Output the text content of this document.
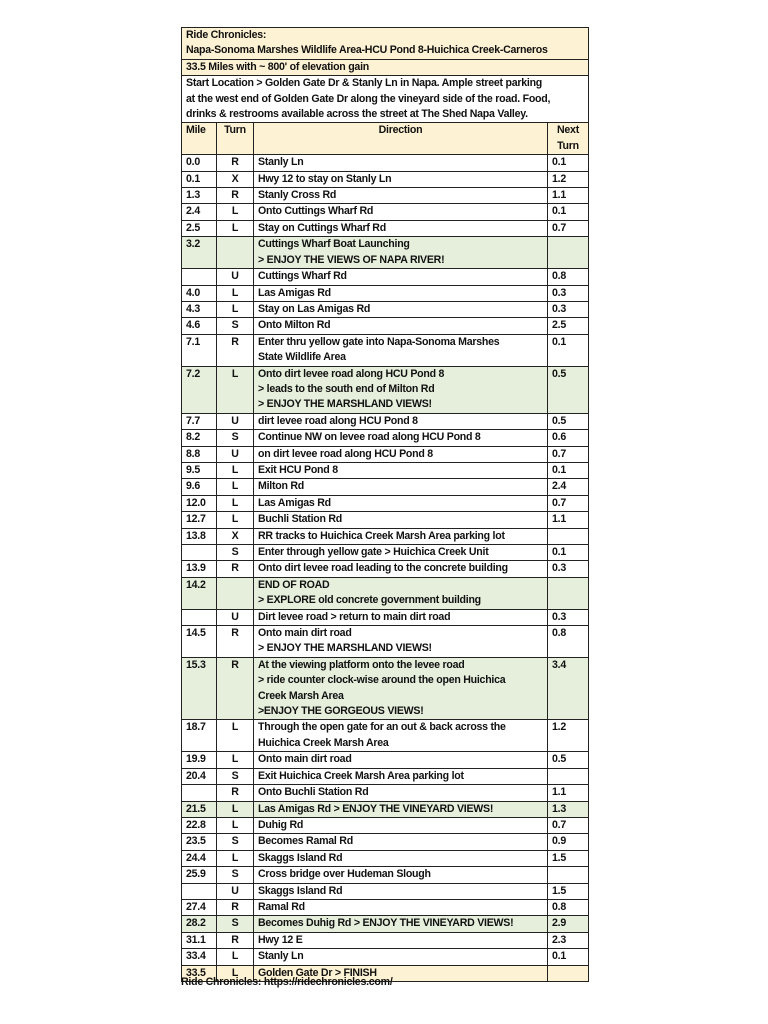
Ride Chronicles:
Napa-Sonoma Marshes Wildlife Area-HCU Pond 8-Huichica Creek-Carneros			

33.5 Miles with ~ 800' of elevation gain			

Start Location > Golden Gate Dr & Stanly Ln in Napa. Ample street parking
at the west end of Golden Gate Dr along the vineyard side of the road. Food,
drinks & restrooms available across the street at The Shed Napa Valley.			

Mile	Turn	Direction	Next
Turn

0.0	R	Stanly Ln	0.1
0.1	X	Hwy 12 to stay on Stanly Ln	1.2
1.3	R	Stanly Cross Rd	1.1
2.4	L	Onto Cuttings Wharf Rd	0.1
2.5	L	Stay on Cuttings Wharf Rd	0.7
3.2		Cuttings Wharf Boat Launching
> ENJOY THE VIEWS OF NAPA RIVER!	

	U	Cuttings Wharf Rd	0.8
4.0	L	Las Amigas Rd	0.3
4.3	L	Stay on Las Amigas Rd	0.3
4.6	S	Onto Milton Rd	2.5
7.1	R	Enter thru yellow gate into Napa-Sonoma Marshes
State Wildlife Area	0.1
7.2	L	Onto dirt levee road along HCU Pond 8
> leads to the south end of Milton Rd
> ENJOY THE MARSHLAND VIEWS!	0.5
7.7	U	dirt levee road along HCU Pond 8	0.5
8.2	S	Continue NW on levee road along HCU Pond 8	0.6
8.8	U	on dirt levee road along HCU Pond 8	0.7
9.5	L	Exit HCU Pond 8	0.1
9.6	L	Milton Rd	2.4
12.0	L	Las Amigas Rd	0.7
12.7	L	Buchli Station Rd	1.1
13.8	X	RR tracks to Huichica Creek Marsh Area parking lot	

	S	Enter through yellow gate > Huichica Creek Unit	0.1
13.9	R	Onto dirt levee road leading to the concrete building	0.3
14.2		END OF ROAD
> EXPLORE old concrete government building	

	U	Dirt levee road > return to main dirt road	0.3
14.5	R	Onto main dirt road
> ENJOY THE MARSHLAND VIEWS!	0.8
15.3	R	At the viewing platform onto the levee road
> ride counter clock-wise around the open Huichica
Creek Marsh Area
>ENJOY THE GORGEOUS VIEWS!	3.4
18.7	L	Through the open gate for an out & back across the
Huichica Creek Marsh Area	1.2
19.9	L	Onto main dirt road	0.5
20.4	S	Exit Huichica Creek Marsh Area parking lot	

	R	Onto Buchli Station Rd	1.1
21.5	L	Las Amigas Rd > ENJOY THE VINEYARD VIEWS!	1.3
22.8	L	Duhig Rd	0.7
23.5	S	Becomes Ramal Rd	0.9
24.4	L	Skaggs Island Rd	1.5
25.9	S	Cross bridge over Hudeman Slough	

	U	Skaggs Island Rd	1.5
27.4	R	Ramal Rd	0.8
28.2	S	Becomes Duhig Rd > ENJOY THE VINEYARD VIEWS!	2.9
31.1	R	Hwy 12 E	2.3
33.4	L	Stanly Ln	0.1
33.5	L	Golden Gate Dr > FINISH	

Ride Chronicles: https://ridechronicles.com/
